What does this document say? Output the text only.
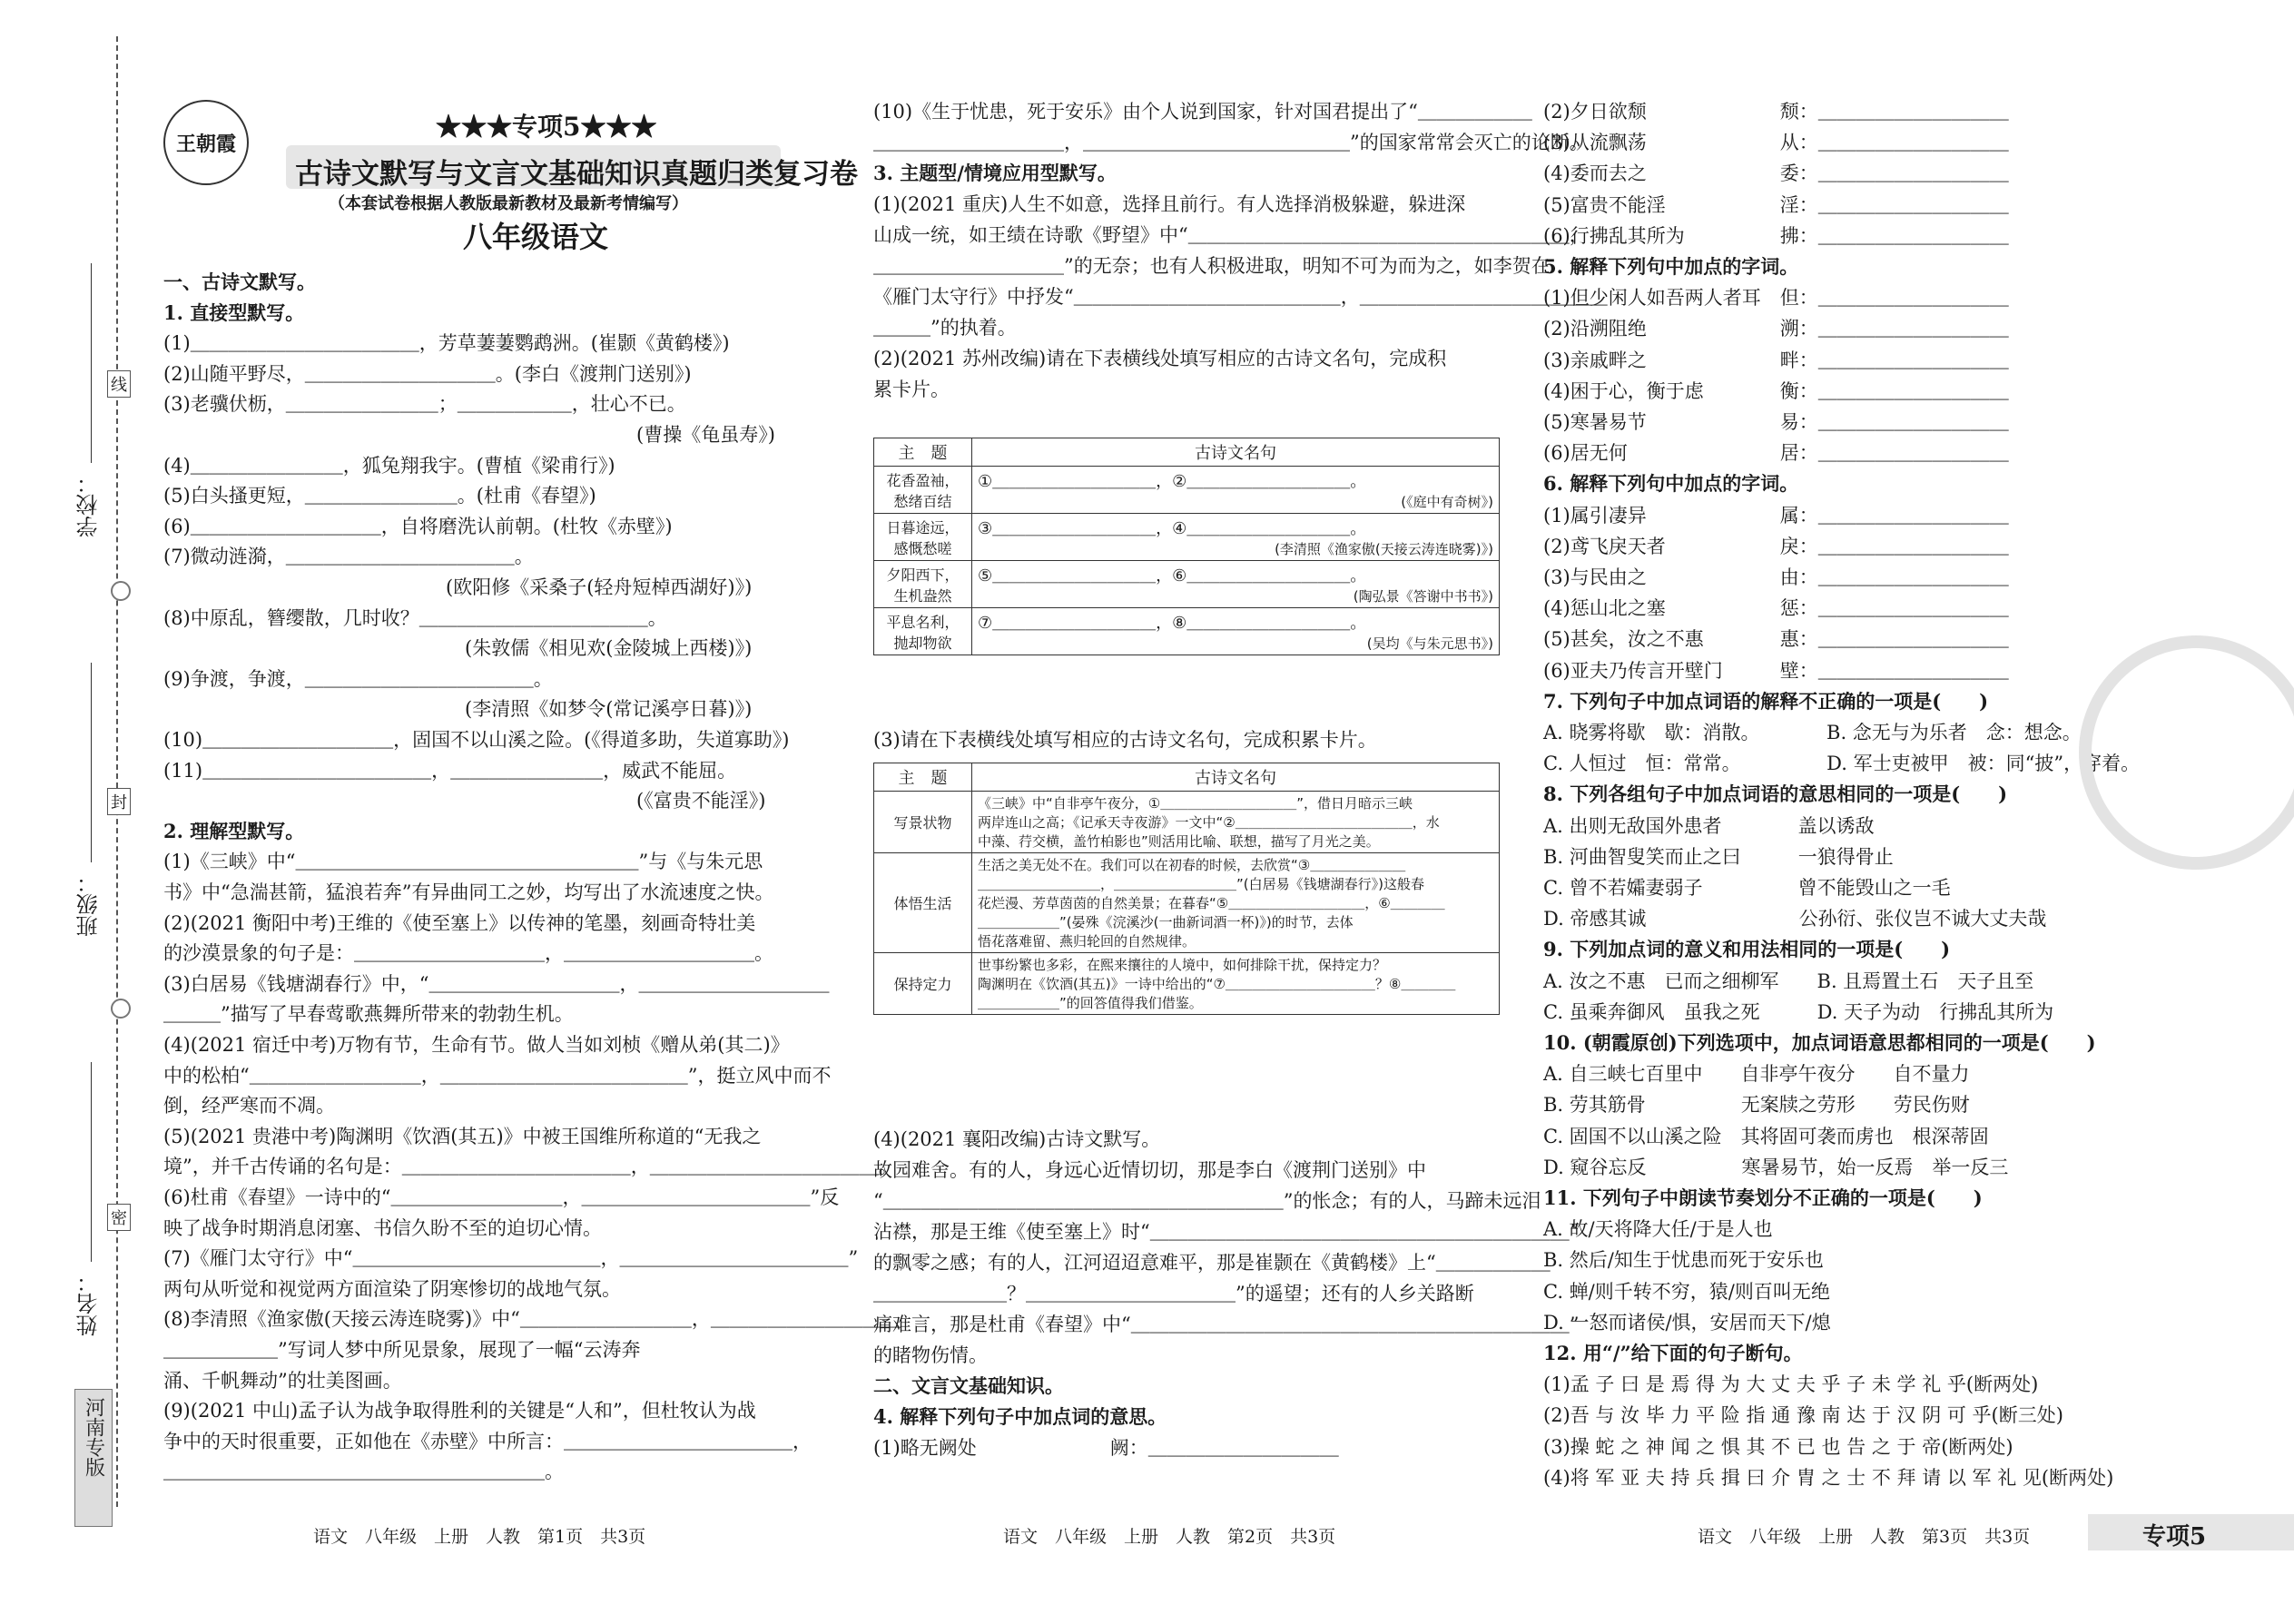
线
封
密
学校：
班级：
姓名：
河南专版
王朝霞
★★★专项5★★★
古诗文默写与文言文基础知识真题归类复习卷
（本套试卷根据人教版最新教材及最新考情编写）
八年级语文
一、古诗文默写。
1. 直接型默写。
(1)＿＿＿＿＿＿＿＿＿＿＿＿，芳草萋萋鹦鹉洲。(崔颢《黄鹤楼》)
(2)山随平野尽，＿＿＿＿＿＿＿＿＿＿。(李白《渡荆门送别》)
(3)老骥伏枥，＿＿＿＿＿＿＿＿；＿＿＿＿＿＿，壮心不已。
(曹操《龟虽寿》)
(4)＿＿＿＿＿＿＿＿，狐兔翔我宇。(曹植《梁甫行》)
(5)白头搔更短，＿＿＿＿＿＿＿＿。(杜甫《春望》)
(6)＿＿＿＿＿＿＿＿＿＿，自将磨洗认前朝。(杜牧《赤壁》)
(7)微动涟漪，＿＿＿＿＿＿＿＿＿＿＿＿。
(欧阳修《采桑子(轻舟短棹西湖好)》)
(8)中原乱，簪缨散，几时收？＿＿＿＿＿＿＿＿＿＿＿＿。
(朱敦儒《相见欢(金陵城上西楼)》)
(9)争渡，争渡，＿＿＿＿＿＿＿＿＿＿＿＿。
(李清照《如梦令(常记溪亭日暮)》)
(10)＿＿＿＿＿＿＿＿＿＿，固国不以山溪之险。(《得道多助，失道寡助》)
(11)＿＿＿＿＿＿＿＿＿＿＿＿，＿＿＿＿＿＿＿＿，威武不能屈。
(《富贵不能淫》)
2. 理解型默写。
(1)《三峡》中“＿＿＿＿＿＿＿＿＿＿＿＿＿＿＿＿＿＿”与《与朱元思
书》中“急湍甚箭，猛浪若奔”有异曲同工之妙，均写出了水流速度之快。
(2)(2021 衡阳中考)王维的《使至塞上》以传神的笔墨，刻画奇特壮美
的沙漠景象的句子是：＿＿＿＿＿＿＿＿＿＿，＿＿＿＿＿＿＿＿＿＿。
(3)白居易《钱塘湖春行》中，“＿＿＿＿＿＿＿＿＿＿，＿＿＿＿＿＿＿＿＿＿
＿＿＿”描写了早春莺歌燕舞所带来的勃勃生机。
(4)(2021 宿迁中考)万物有节，生命有节。做人当如刘桢《赠从弟(其二)》
中的松柏“＿＿＿＿＿＿＿＿＿，＿＿＿＿＿＿＿＿＿＿＿＿＿”，挺立风中而不
倒，经严寒而不凋。
(5)(2021 贵港中考)陶渊明《饮酒(其五)》中被王国维所称道的“无我之
境”，并千古传诵的名句是：＿＿＿＿＿＿＿＿＿＿＿＿，＿＿＿＿＿＿＿＿＿＿＿＿。
(6)杜甫《春望》一诗中的“＿＿＿＿＿＿＿＿＿，＿＿＿＿＿＿＿＿＿＿＿＿”反
映了战争时期消息闭塞、书信久盼不至的迫切心情。
(7)《雁门太守行》中“＿＿＿＿＿＿＿＿＿＿＿＿＿，＿＿＿＿＿＿＿＿＿＿＿＿”
两句从听觉和视觉两方面渲染了阴寒惨切的战地气氛。
(8)李清照《渔家傲(天接云涛连晓雾)》中“＿＿＿＿＿＿＿＿＿，＿＿＿＿＿＿＿＿＿＿
＿＿＿＿＿＿”写词人梦中所见景象，展现了一幅“云涛奔
涌、千帆舞动”的壮美图画。
(9)(2021 中山)孟子认为战争取得胜利的关键是“人和”，但杜牧认为战
争中的天时很重要，正如他在《赤壁》中所言：＿＿＿＿＿＿＿＿＿＿＿＿，
＿＿＿＿＿＿＿＿＿＿＿＿＿＿＿＿＿＿＿＿。
(10)《生于忧患，死于安乐》由个人说到国家，针对国君提出了“＿＿＿＿＿＿
＿＿＿＿＿＿＿＿＿＿，＿＿＿＿＿＿＿＿＿＿＿＿＿＿”的国家常常会灭亡的论断。
3. 主题型/情境应用型默写。
(1)(2021 重庆)人生不如意，选择且前行。有人选择消极躲避，躲进深
山成一统，如王绩在诗歌《野望》中“＿＿＿＿＿＿＿＿＿＿＿＿＿＿＿＿＿＿＿＿，
＿＿＿＿＿＿＿＿＿＿”的无奈；也有人积极进取，明知不可为而为之，如李贺在
《雁门太守行》中抒发“＿＿＿＿＿＿＿＿＿＿＿＿＿＿，＿＿＿＿＿＿＿＿＿＿＿＿＿
＿＿＿”的执着。
(2)(2021 苏州改编)请在下表横线处填写相应的古诗文名句，完成积
累卡片。
主　题	古诗文名句
花香盈袖，愁绪百结	①＿＿＿＿＿＿＿＿＿＿，②＿＿＿＿＿＿＿＿＿＿。
(《庭中有奇树》)

日暮途远，感慨愁嗟	③＿＿＿＿＿＿＿＿＿＿，④＿＿＿＿＿＿＿＿＿＿。
(李清照《渔家傲(天接云涛连晓雾)》)

夕阳西下，生机盎然	⑤＿＿＿＿＿＿＿＿＿＿，⑥＿＿＿＿＿＿＿＿＿＿。
(陶弘景《答谢中书书》)

平息名利，抛却物欲	⑦＿＿＿＿＿＿＿＿＿＿，⑧＿＿＿＿＿＿＿＿＿＿。
(吴均《与朱元思书》)
(3)请在下表横线处填写相应的古诗文名句，完成积累卡片。
主　题	古诗文名句
写景状物	《三峡》中“自非亭午夜分，①＿＿＿＿＿＿＿＿＿＿”，借日月暗示三峡
两岸连山之高；《记承天寺夜游》一文中“②＿＿＿＿＿＿＿＿＿＿＿＿＿，水
中藻、荇交横，盖竹柏影也”则活用比喻、联想，描写了月光之美。

体悟生活	生活之美无处不在。我们可以在初春的时候，去欣赏“③＿＿＿＿＿＿＿
＿＿＿＿＿＿＿＿＿，＿＿＿＿＿＿＿＿＿”(白居易《钱塘湖春行》)这般春
花烂漫、芳草茵茵的自然美景；在暮春“⑤＿＿＿＿＿＿＿＿＿＿，⑥＿＿＿＿
＿＿＿＿＿＿”(晏殊《浣溪沙(一曲新词酒一杯)》)的时节，去体
悟花落难留、燕归轮回的自然规律。

保持定力	世事纷繁也多彩，在熙来攘往的人境中，如何排除干扰，保持定力？
陶渊明在《饮酒(其五)》一诗中给出的“⑦＿＿＿＿＿＿＿＿＿＿＿？⑧＿＿＿＿
＿＿＿＿＿＿”的回答值得我们借鉴。
(4)(2021 襄阳改编)古诗文默写。
故园难舍。有的人，身远心近情切切，那是李白《渡荆门送别》中
“＿＿＿＿＿＿＿＿＿＿＿＿＿＿＿＿＿＿＿＿＿”的怅念；有的人，马蹄未远泪
沾襟，那是王维《使至塞上》时“＿＿＿＿＿＿＿＿＿＿＿＿＿＿＿＿＿＿＿＿＿＿”
的飘零之感；有的人，江河迢迢意难平，那是崔颢在《黄鹤楼》上“＿＿＿＿＿＿
＿＿＿＿＿＿＿？＿＿＿＿＿＿＿＿＿＿＿”的遥望；还有的人乡关路断
痛难言，那是杜甫《春望》中“＿＿＿＿＿＿＿＿＿＿＿＿＿＿＿＿＿＿＿＿＿＿＿”
的睹物伤情。
二、文言文基础知识。
4. 解释下列句子中加点词的意思。
(1)略无阙处　　　　　　　阙：＿＿＿＿＿＿＿＿＿＿
(2)夕日欲颓　　　　　　　颓：＿＿＿＿＿＿＿＿＿＿
(3)从流飘荡　　　　　　　从：＿＿＿＿＿＿＿＿＿＿
(4)委而去之　　　　　　　委：＿＿＿＿＿＿＿＿＿＿
(5)富贵不能淫　　　　　　淫：＿＿＿＿＿＿＿＿＿＿
(6)行拂乱其所为　　　　　拂：＿＿＿＿＿＿＿＿＿＿
5. 解释下列句中加点的字词。
(1)但少闲人如吾两人者耳　但：＿＿＿＿＿＿＿＿＿＿
(2)沿溯阻绝　　　　　　　溯：＿＿＿＿＿＿＿＿＿＿
(3)亲戚畔之　　　　　　　畔：＿＿＿＿＿＿＿＿＿＿
(4)困于心，衡于虑　　　　衡：＿＿＿＿＿＿＿＿＿＿
(5)寒暑易节　　　　　　　易：＿＿＿＿＿＿＿＿＿＿
(6)居无何　　　　　　　　居：＿＿＿＿＿＿＿＿＿＿
6. 解释下列句中加点的字词。
(1)属引凄异　　　　　　　属：＿＿＿＿＿＿＿＿＿＿
(2)鸢飞戾天者　　　　　　戾：＿＿＿＿＿＿＿＿＿＿
(3)与民由之　　　　　　　由：＿＿＿＿＿＿＿＿＿＿
(4)惩山北之塞　　　　　　惩：＿＿＿＿＿＿＿＿＿＿
(5)甚矣，汝之不惠　　　　惠：＿＿＿＿＿＿＿＿＿＿
(6)亚夫乃传言开壁门　　　壁：＿＿＿＿＿＿＿＿＿＿
7. 下列句子中加点词语的解释不正确的一项是(　　)
A. 晓雾将歇　歇：消散。　　　　B. 念无与为乐者　念：想念。
C. 人恒过　恒：常常。　　　　　D. 军士吏被甲　被：同“披”，穿着。
8. 下列各组句子中加点词语的意思相同的一项是(　　)
A. 出则无敌国外患者　　　　盖以诱敌
B. 河曲智叟笑而止之曰　　　一狼得骨止
C. 曾不若孀妻弱子　　　　　曾不能毁山之一毛
D. 帝感其诚　　　　　　　　公孙衍、张仪岂不诚大丈夫哉
9. 下列加点词的意义和用法相同的一项是(　　)
A. 汝之不惠　已而之细柳军　　B. 且焉置土石　天子且至
C. 虽乘奔御风　虽我之死　　　D. 天子为动　行拂乱其所为
10. (朝霞原创)下列选项中，加点词语意思都相同的一项是(　　)
A. 自三峡七百里中　　自非亭午夜分　　自不量力
B. 劳其筋骨　　　　　无案牍之劳形　　劳民伤财
C. 固国不以山溪之险　其将固可袭而虏也　根深蒂固
D. 窥谷忘反　　　　　寒暑易节，始一反焉　举一反三
11. 下列句子中朗读节奏划分不正确的一项是(　　)
A. 故/天将降大任/于是人也
B. 然后/知生于忧患而死于安乐也
C. 蝉/则千转不穷，猿/则百叫无绝
D. 一怒而诸侯/惧，安居而天下/熄
12. 用“/”给下面的句子断句。
(1)孟 子 曰 是 焉 得 为 大 丈 夫 乎 子 未 学 礼 乎(断两处)
(2)吾 与 汝 毕 力 平 险 指 通 豫 南 达 于 汉 阴 可 乎(断三处)
(3)操 蛇 之 神 闻 之 惧 其 不 已 也 告 之 于 帝(断两处)
(4)将 军 亚 夫 持 兵 揖 曰 介 胄 之 士 不 拜 请 以 军 礼 见(断两处)
语文　八年级　上册　人教　第1页　共3页	语文　八年级　上册　人教　第2页　共3页	语文　八年级　上册　人教　第3页　共3页	专项5
